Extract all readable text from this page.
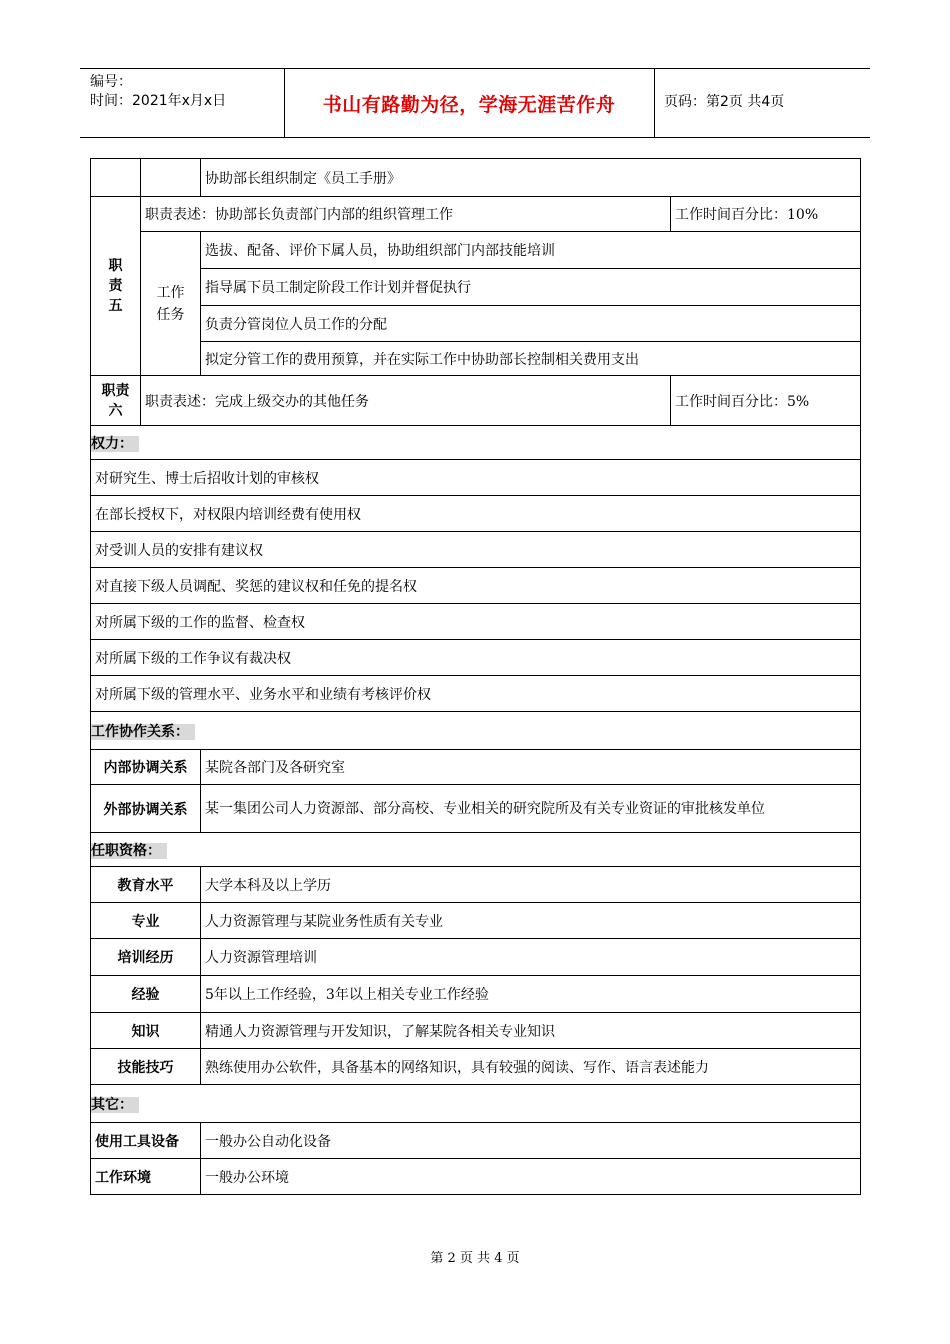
编号：
时间：2021年x月x日	书山有路勤为径，学海无涯苦作舟	页码：第2页 共4页
		协助部长组织制定《员工手册》	
职责五	职责表述：协助部长负责部门内部的组织管理工作		工作时间百分比：10%
	工作任务	选拔、配备、评价下属人员，协助组织部门内部技能培训	
		指导属下员工制定阶段工作计划并督促执行	
		负责分管岗位人员工作的分配	
		拟定分管工作的费用预算，并在实际工作中协助部长控制相关费用支出	
职责六	职责表述：完成上级交办的其他任务		工作时间百分比：5%
权力：			
对研究生、博士后招收计划的审核权			
在部长授权下，对权限内培训经费有使用权			
对受训人员的安排有建议权			
对直接下级人员调配、奖惩的建议权和任免的提名权			
对所属下级的工作的监督、检查权			
对所属下级的工作争议有裁决权			
对所属下级的管理水平、业务水平和业绩有考核评价权			
工作协作关系：			
内部协调关系		某院各部门及各研究室	
外部协调关系		某一集团公司人力资源部、部分高校、专业相关的研究院所及有关专业资证的审批核发单位	
任职资格：			
教育水平		大学本科及以上学历	
专业		人力资源管理与某院业务性质有关专业	
培训经历		人力资源管理培训	
经验		5年以上工作经验，3年以上相关专业工作经验	
知识		精通人力资源管理与开发知识，了解某院各相关专业知识	
技能技巧		熟练使用办公软件，具备基本的网络知识，具有较强的阅读、写作、语言表述能力	
其它：			
使用工具设备		一般办公自动化设备	
工作环境		一般办公环境	
第 2 页 共 4 页
